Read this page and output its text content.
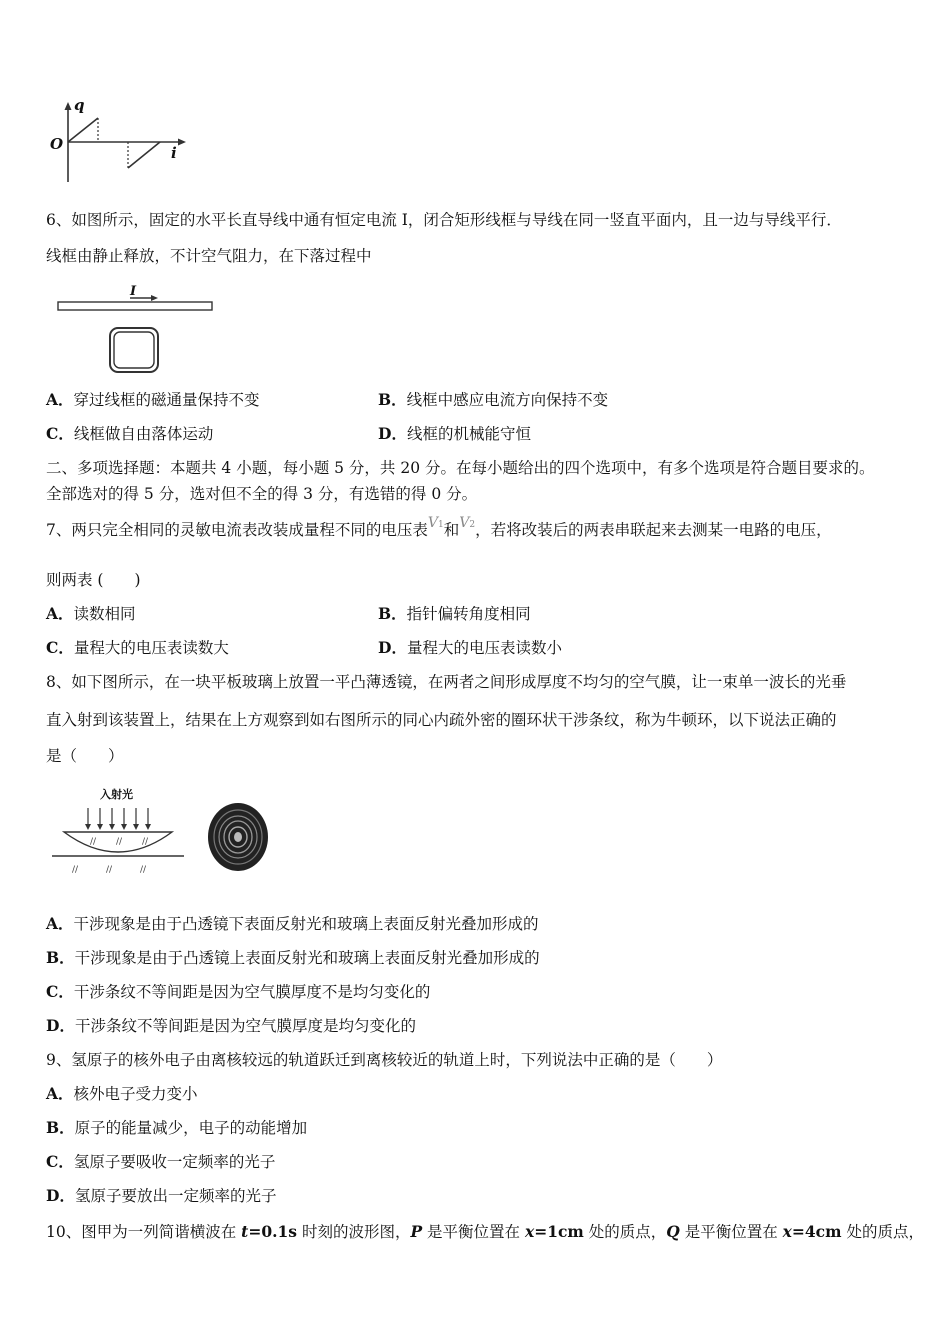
q
O	i
6、如图所示，固定的水平长直导线中通有恒定电流 I，闭合矩形线框与导线在同一竖直平面内，且一边与导线平行．
线框由静止释放，不计空气阻力，在下落过程中
I
A．穿过线框的磁通量保持不变	B．线框中感应电流方向保持不变
C．线框做自由落体运动	D．线框的机械能守恒
二、多项选择题：本题共 4 小题，每小题 5 分，共 20 分。在每小题给出的四个选项中，有多个选项是符合题目要求的。
全部选对的得 5 分，选对但不全的得 3 分，有选错的得 0 分。
7、两只完全相同的灵敏电流表改装成量程不同的电压表V1和V2，若将改装后的两表串联起来去测某一电路的电压，
则两表 (　　)
A．读数相同	B．指针偏转角度相同
C．量程大的电压表读数大	D．量程大的电压表读数小
8、如下图所示，在一块平板玻璃上放置一平凸薄透镜，在两者之间形成厚度不均匀的空气膜，让一束单一波长的光垂
直入射到该装置上，结果在上方观察到如右图所示的同心内疏外密的圈环状干涉条纹，称为牛顿环，以下说法正确的
是（　　）
// // //
//	//	//
入射光
A．干涉现象是由于凸透镜下表面反射光和玻璃上表面反射光叠加形成的
B．干涉现象是由于凸透镜上表面反射光和玻璃上表面反射光叠加形成的
C．干涉条纹不等间距是因为空气膜厚度不是均匀变化的
D．干涉条纹不等间距是因为空气膜厚度是均匀变化的
9、氢原子的核外电子由离核较远的轨道跃迁到离核较近的轨道上时，下列说法中正确的是（　　）
A．核外电子受力变小
B．原子的能量减少，电子的动能增加
C．氢原子要吸收一定频率的光子
D．氢原子要放出一定频率的光子
10、图甲为一列简谐横波在 t=0.1s 时刻的波形图，P 是平衡位置在 x=1cm 处的质点，Q 是平衡位置在 x=4cm 处的质点，
